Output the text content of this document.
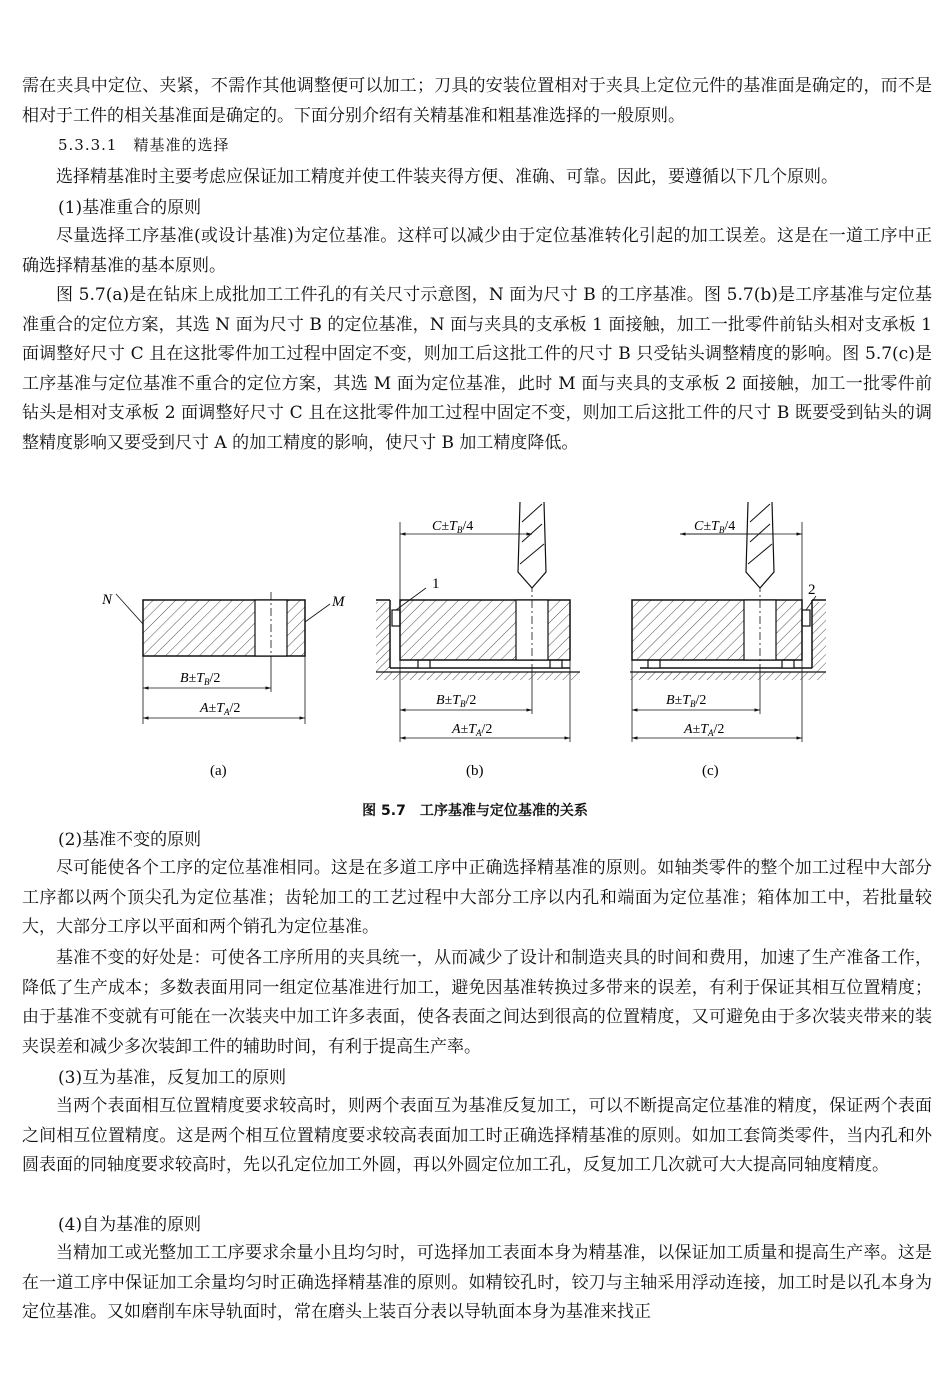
需在夹具中定位、夹紧，不需作其他调整便可以加工；刀具的安装位置相对于夹具上定位元件的基准面是确定的，而不是相对于工件的相关基准面是确定的。下面分别介绍有关精基准和粗基准选择的一般原则。

5.3.3.1　精基准的选择

选择精基准时主要考虑应保证加工精度并使工件装夹得方便、准确、可靠。因此，要遵循以下几个原则。

(1)基准重合的原则

尽量选择工序基准(或设计基准)为定位基准。这样可以减少由于定位基准转化引起的加工误差。这是在一道工序中正确选择精基准的基本原则。

图 5.7(a)是在钻床上成批加工工件孔的有关尺寸示意图，N 面为尺寸 B 的工序基准。图 5.7(b)是工序基准与定位基准重合的定位方案，其选 N 面为尺寸 B 的定位基准，N 面与夹具的支承板 1 面接触，加工一批零件前钻头相对支承板 1 面调整好尺寸 C 且在这批零件加工过程中固定不变，则加工后这批工件的尺寸 B 只受钻头调整精度的影响。图 5.7(c)是工序基准与定位基准不重合的定位方案，其选 M 面为定位基准，此时 M 面与夹具的支承板 2 面接触，加工一批零件前钻头是相对支承板 2 面调整好尺寸 C 且在这批零件加工过程中固定不变，则加工后这批工件的尺寸 B 既要受到钻头的调整精度影响又要受到尺寸 A 的加工精度的影响，使尺寸 B 加工精度降低。

N	M
$B\pm T_B/2$
$A\pm T_A/2$
(a)
$C\pm T_B/4$
1
$B\pm T_B/2$
$A\pm T_A/2$
(b)
$C\pm T_B/4$
2
$B\pm T_B/2$
$A\pm T_A/2$
(c)
图 5.7　工序基准与定位基准的关系

(2)基准不变的原则

尽可能使各个工序的定位基准相同。这是在多道工序中正确选择精基准的原则。如轴类零件的整个加工过程中大部分工序都以两个顶尖孔为定位基准；齿轮加工的工艺过程中大部分工序以内孔和端面为定位基准；箱体加工中，若批量较大，大部分工序以平面和两个销孔为定位基准。

基准不变的好处是：可使各工序所用的夹具统一，从而减少了设计和制造夹具的时间和费用，加速了生产准备工作，降低了生产成本；多数表面用同一组定位基准进行加工，避免因基准转换过多带来的误差，有利于保证其相互位置精度；由于基准不变就有可能在一次装夹中加工许多表面，使各表面之间达到很高的位置精度，又可避免由于多次装夹带来的装夹误差和减少多次装卸工件的辅助时间，有利于提高生产率。

(3)互为基准，反复加工的原则

当两个表面相互位置精度要求较高时，则两个表面互为基准反复加工，可以不断提高定位基准的精度，保证两个表面之间相互位置精度。这是两个相互位置精度要求较高表面加工时正确选择精基准的原则。如加工套筒类零件，当内孔和外圆表面的同轴度要求较高时，先以孔定位加工外圆，再以外圆定位加工孔，反复加工几次就可大大提高同轴度精度。

(4)自为基准的原则

当精加工或光整加工工序要求余量小且均匀时，可选择加工表面本身为精基准，以保证加工质量和提高生产率。这是在一道工序中保证加工余量均匀时正确选择精基准的原则。如精铰孔时，铰刀与主轴采用浮动连接，加工时是以孔本身为定位基准。又如磨削车床导轨面时，常在磨头上装百分表以导轨面本身为基准来找正
